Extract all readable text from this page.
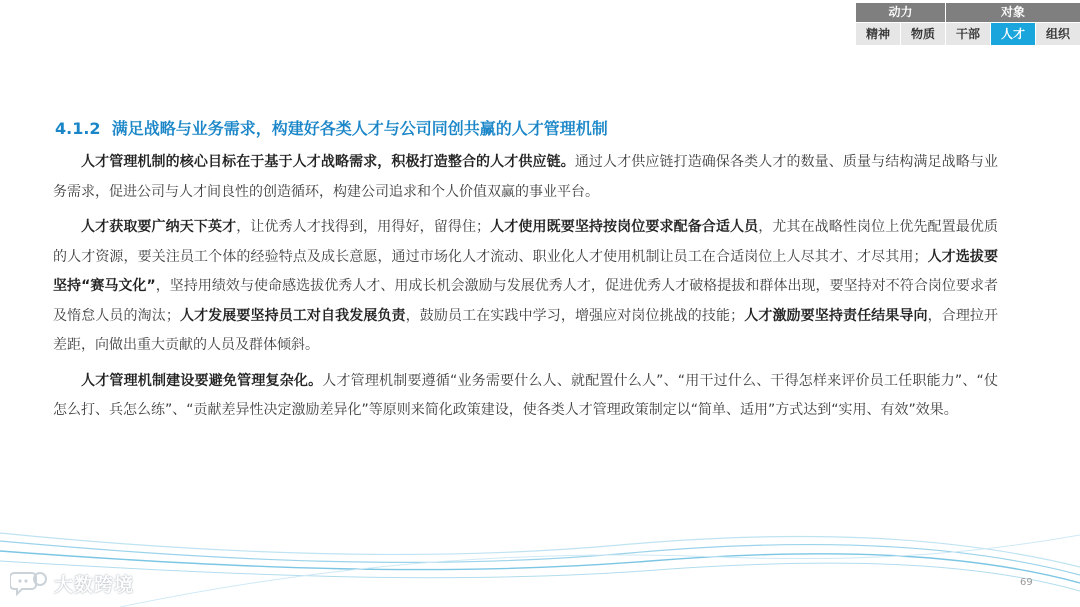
动力	对象
精神	物质	干部	人才	组织
4.1.2 满足战略与业务需求，构建好各类人才与公司同创共赢的人才管理机制

人才管理机制的核心目标在于基于人才战略需求，积极打造整合的人才供应链。通过人才供应链打造确保各类人才的数量、质量与结构满足战略与业务需求，促进公司与人才间良性的创造循环，构建公司追求和个人价值双赢的事业平台。

人才获取要广纳天下英才，让优秀人才找得到，用得好，留得住；人才使用既要坚持按岗位要求配备合适人员，尤其在战略性岗位上优先配置最优质的人才资源，要关注员工个体的经验特点及成长意愿，通过市场化人才流动、职业化人才使用机制让员工在合适岗位上人尽其才、才尽其用；人才选拔要坚持“赛马文化”，坚持用绩效与使命感选拔优秀人才、用成长机会激励与发展优秀人才，促进优秀人才破格提拔和群体出现，要坚持对不符合岗位要求者及惰怠人员的淘汰；人才发展要坚持员工对自我发展负责，鼓励员工在实践中学习，增强应对岗位挑战的技能；人才激励要坚持责任结果导向，合理拉开差距，向做出重大贡献的人员及群体倾斜。

人才管理机制建设要避免管理复杂化。人才管理机制要遵循“业务需要什么人、就配置什么人”、“用干过什么、干得怎样来评价员工任职能力”、“仗怎么打、兵怎么练”、“贡献差异性决定激励差异化”等原则来简化政策建设，使各类人才管理政策制定以“简单、适用”方式达到“实用、有效”效果。

69
大数跨境
